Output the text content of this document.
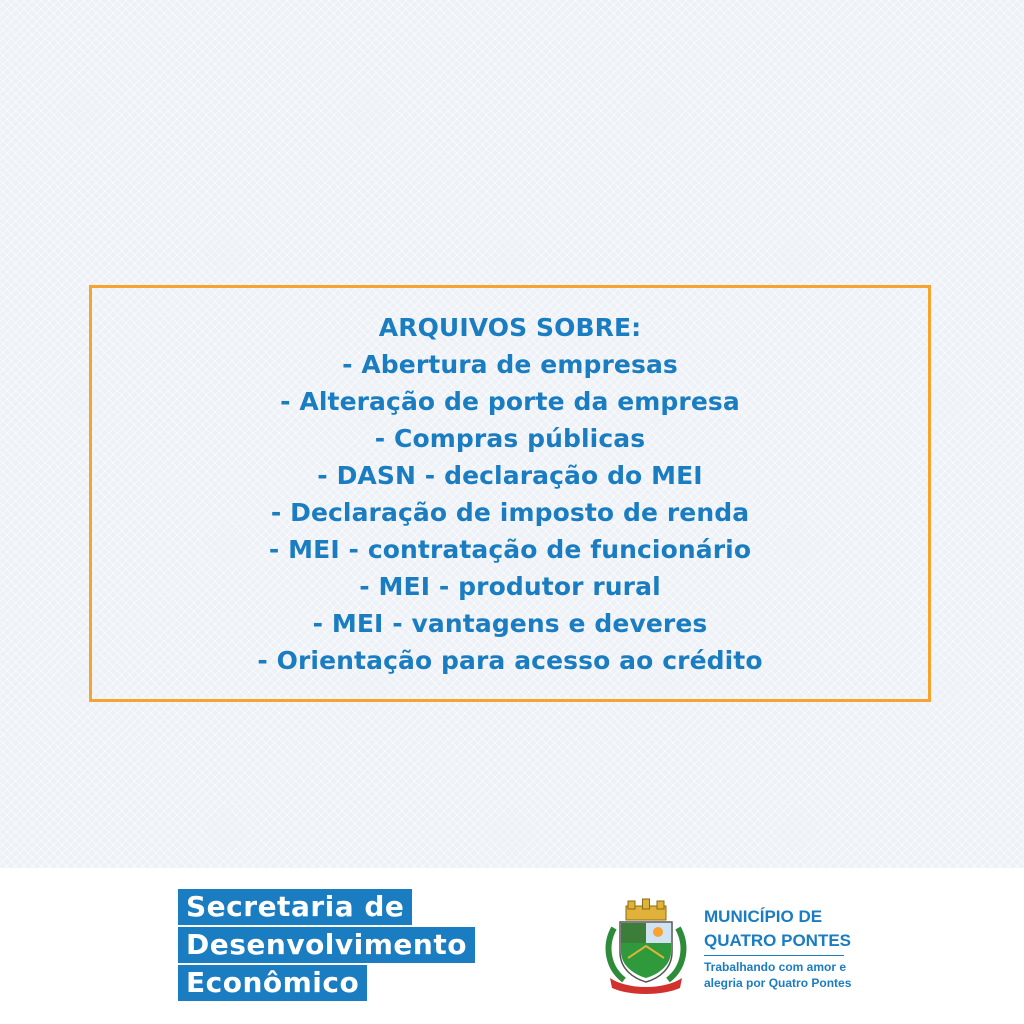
ARQUIVOS SOBRE:
- Abertura de empresas
- Alteração de porte da empresa
- Compras públicas
- DASN - declaração do MEI
- Declaração de imposto de renda
- MEI - contratação de funcionário
- MEI - produtor rural
- MEI - vantagens e deveres
- Orientação para acesso ao crédito
Secretaria de
Desenvolvimento
Econômico
MUNICÍPIO DE
QUATRO PONTES
Trabalhando com amor e
alegria por Quatro Pontes
